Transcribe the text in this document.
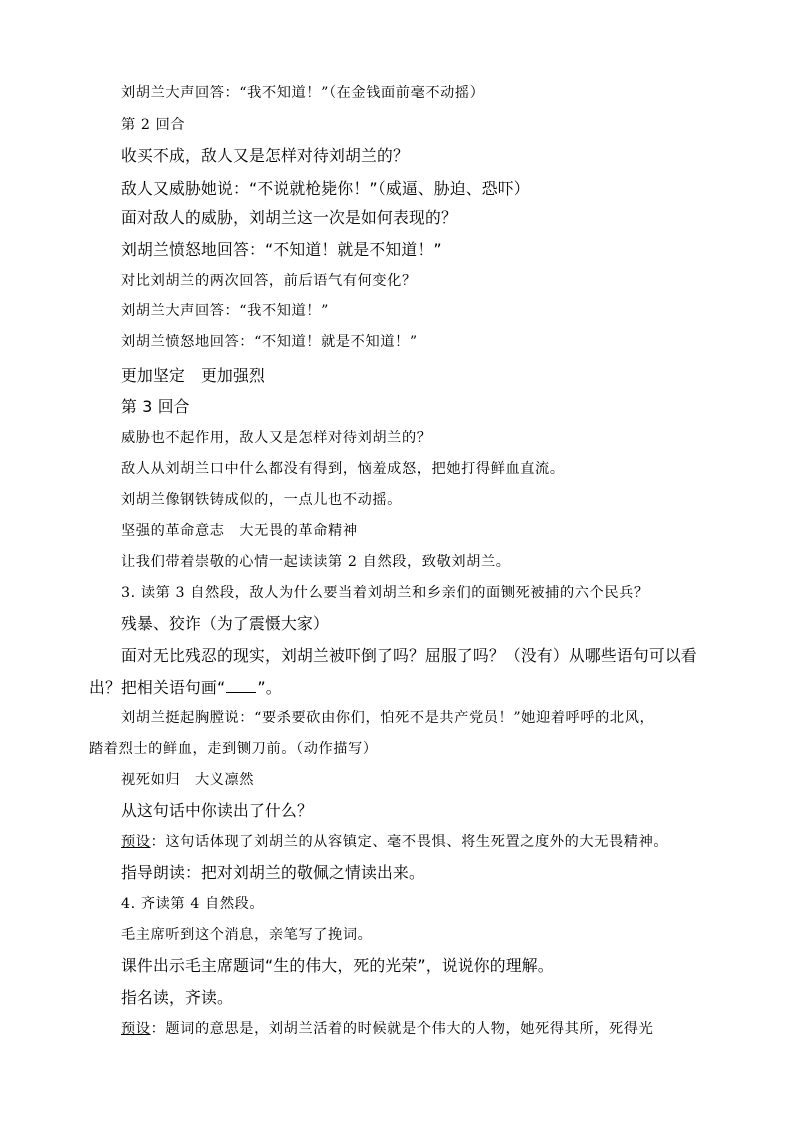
刘胡兰大声回答：“我不知道！”（在金钱面前毫不动摇）
第 2 回合
收买不成，敌人又是怎样对待刘胡兰的？
敌人又威胁她说：“不说就枪毙你！”（威逼、胁迫、恐吓）
面对敌人的威胁，刘胡兰这一次是如何表现的？
刘胡兰愤怒地回答：“不知道！就是不知道！”
对比刘胡兰的两次回答，前后语气有何变化？
刘胡兰大声回答：“我不知道！”
刘胡兰愤怒地回答：“不知道！就是不知道！”
更加坚定　更加强烈
第 3 回合
威胁也不起作用，敌人又是怎样对待刘胡兰的？
敌人从刘胡兰口中什么都没有得到，恼羞成怒，把她打得鲜血直流。
刘胡兰像钢铁铸成似的，一点儿也不动摇。
坚强的革命意志　大无畏的革命精神
让我们带着崇敬的心情一起读读第 2 自然段，致敬刘胡兰。
3. 读第 3 自然段，敌人为什么要当着刘胡兰和乡亲们的面铡死被捕的六个民兵？
残暴、狡诈（为了震慑大家）
面对无比残忍的现实，刘胡兰被吓倒了吗？屈服了吗？（没有）从哪些语句可以看
出？把相关语句画“ ”。
刘胡兰挺起胸膛说：“要杀要砍由你们，怕死不是共产党员！”她迎着呼呼的北风，
踏着烈士的鲜血，走到铡刀前。（动作描写）
视死如归　大义凛然
从这句话中你读出了什么？
预设：这句话体现了刘胡兰的从容镇定、毫不畏惧、将生死置之度外的大无畏精神。
指导朗读：把对刘胡兰的敬佩之情读出来。
4. 齐读第 4 自然段。
毛主席听到这个消息，亲笔写了挽词。
课件出示毛主席题词“生的伟大，死的光荣”，说说你的理解。
指名读，齐读。
预设：题词的意思是，刘胡兰活着的时候就是个伟大的人物，她死得其所，死得光
